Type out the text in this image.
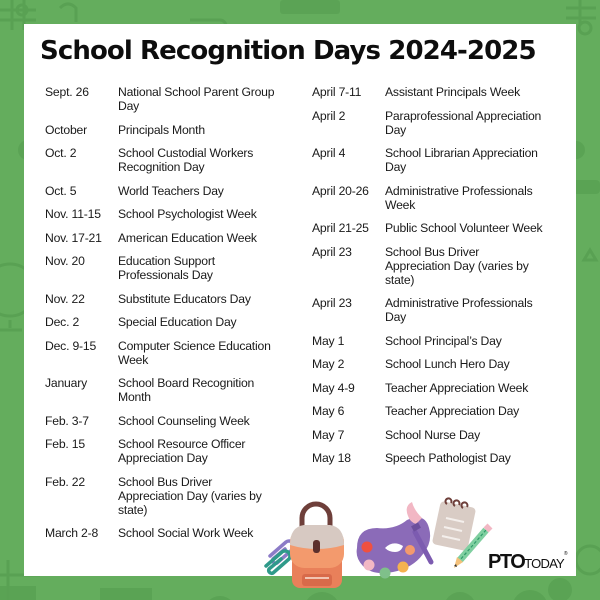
School Recognition Days 2024-2025
Sept. 26	National School Parent Group Day
October	Principals Month
Oct. 2	School Custodial Workers Recognition Day
Oct. 5	World Teachers Day
Nov. 11-15	School Psychologist Week
Nov. 17-21	American Education Week
Nov. 20	Education Support Professionals Day
Nov. 22	Substitute Educators Day
Dec. 2	Special Education Day
Dec. 9-15	Computer Science Education Week
January	School Board Recognition Month
Feb. 3-7	School Counseling Week
Feb. 15	School Resource Officer Appreciation Day
Feb. 22	School Bus Driver Appreciation Day (varies by state)
March 2-8	School Social Work Week
April 7-11	Assistant Principals Week
April 2	Paraprofessional Appreciation Day
April 4	School Librarian Appreciation Day
April 20-26	Administrative Professionals Week
April 21-25	Public School Volunteer Week
April 23	School Bus Driver Appreciation Day (varies by state)
April 23	Administrative Professionals Day
May 1	School Principal’s Day
May 2	School Lunch Hero Day
May 4-9	Teacher Appreciation Week
May 6	Teacher Appreciation Day
May 7	School Nurse Day
May 18	Speech Pathologist Day
PTOTODAY®
